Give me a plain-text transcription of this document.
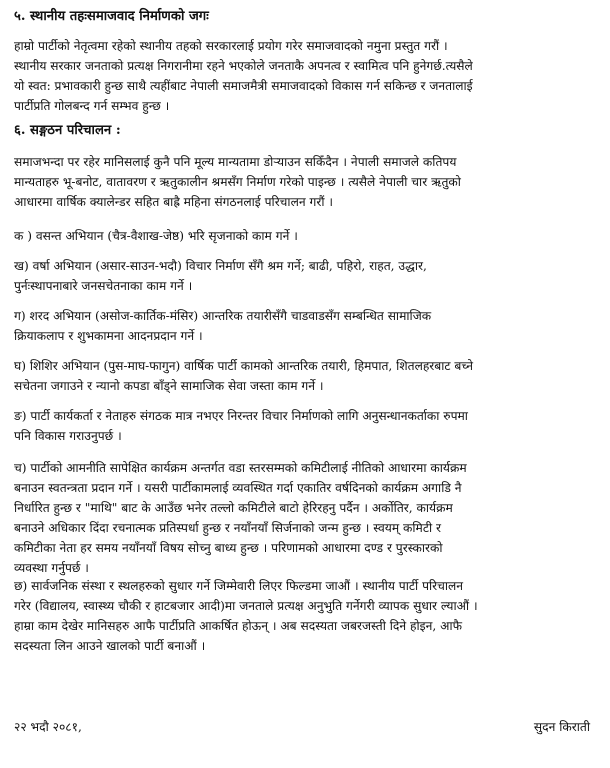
५. स्थानीय तहःसमाजवाद निर्माणको जगः
हाम्रो पार्टीको नेतृत्वमा रहेको स्थानीय तहको सरकारलाई प्रयोग गरेर समाजवादको नमुना प्रस्तुत गरौं ।
स्थानीय सरकार जनताको प्रत्यक्ष निगरानीमा रहने भएकोले जनताकै अपनत्व र स्वामित्व पनि हुनेगर्छ.त्यसैले
यो स्वत: प्रभावकारी हुन्छ साथै त्यहींबाट नेपाली समाजमैत्री समाजवादको विकास गर्न सकिन्छ र जनतालाई
पार्टीप्रति गोलबन्द गर्न सम्भव हुन्छ ।
६. सङ्गठन परिचालन :
समाजभन्दा पर रहेर मानिसलाई कुनै पनि मूल्य मान्यतामा डोऱ्याउन सकिँदैन । नेपाली समाजले कतिपय
मान्यताहरु भू-बनोट, वातावरण र ऋतुकालीन श्रमसँग निर्माण गरेको पाइन्छ । त्यसैले नेपाली चार ऋतुको
आधारमा वार्षिक क्यालेन्डर सहित बाह्रै महिना संगठनलाई परिचालन गरौं ।
क ) वसन्त अभियान (चैत्र-वैशाख-जेष्ठ) भरि सृजनाको काम गर्ने ।
ख) वर्षा अभियान (असार-साउन-भदौ) विचार निर्माण सँगै श्रम गर्ने; बाढी, पहिरो, राहत, उद्धार,
पुर्नःस्थापनाबारे जनसचेतनाका काम गर्ने ।
ग) शरद अभियान (असोज-कार्तिक-मंसिर) आन्तरिक तयारीसँगै चाडवाडसँग सम्बन्धित सामाजिक
क्रियाकलाप र शुभकामना आदनप्रदान गर्ने ।
घ) शिशिर अभियान (पुस-माघ-फागुन) वार्षिक पार्टी कामको आन्तरिक तयारी, हिमपात, शितलहरबाट बच्ने
सचेतना जगाउने र न्यानो कपडा बाँड्ने सामाजिक सेवा जस्ता काम गर्ने ।
ङ) पार्टी कार्यकर्ता र नेताहरु संगठक मात्र नभएर निरन्तर विचार निर्माणको लागि अनुसन्धानकर्ताका रुपमा
पनि विकास गराउनुपर्छ ।
च) पार्टीको आमनीति सापेक्षित कार्यक्रम अन्तर्गत वडा स्तरसम्मको कमिटीलाई नीतिको आधारमा कार्यक्रम
बनाउन स्वतन्त्रता प्रदान गर्ने । यसरी पार्टीकामलाई व्यवस्थित गर्दा एकातिर वर्षदिनको कार्यक्रम अगाडि नै
निर्धारित हुन्छ र "माथि" बाट के आउँछ भनेर तल्लो कमिटीले बाटो हेरिरहनु पर्दैन । अर्कोतिर, कार्यक्रम
बनाउने अधिकार दिंदा रचनात्मक प्रतिस्पर्धा हुन्छ र नयाँनयाँ सिर्जनाको जन्म हुन्छ । स्वयम् कमिटी र
कमिटीका नेता हर समय नयाँनयाँ विषय सोच्नु बाध्य हुन्छ । परिणामको आधारमा दण्ड र पुरस्कारको
व्यवस्था गर्नुपर्छ ।
छ) सार्वजनिक संस्था र स्थलहरुको सुधार गर्ने जिम्मेवारी लिएर फिल्डमा जाऔं । स्थानीय पार्टी परिचालन
गरेर (विद्यालय, स्वास्थ्य चौकी र हाटबजार आदी)मा जनताले प्रत्यक्ष अनुभुति गर्नेगरी व्यापक सुधार ल्याऔं ।
हाम्रा काम देखेर मानिसहरु आफै पार्टीप्रति आकर्षित होऊन् । अब सदस्यता जबरजस्ती दिने होइन, आफै
सदस्यता लिन आउने खालको पार्टी बनाऔं ।
२२ भदौ २०८१,	सुदन किराती
